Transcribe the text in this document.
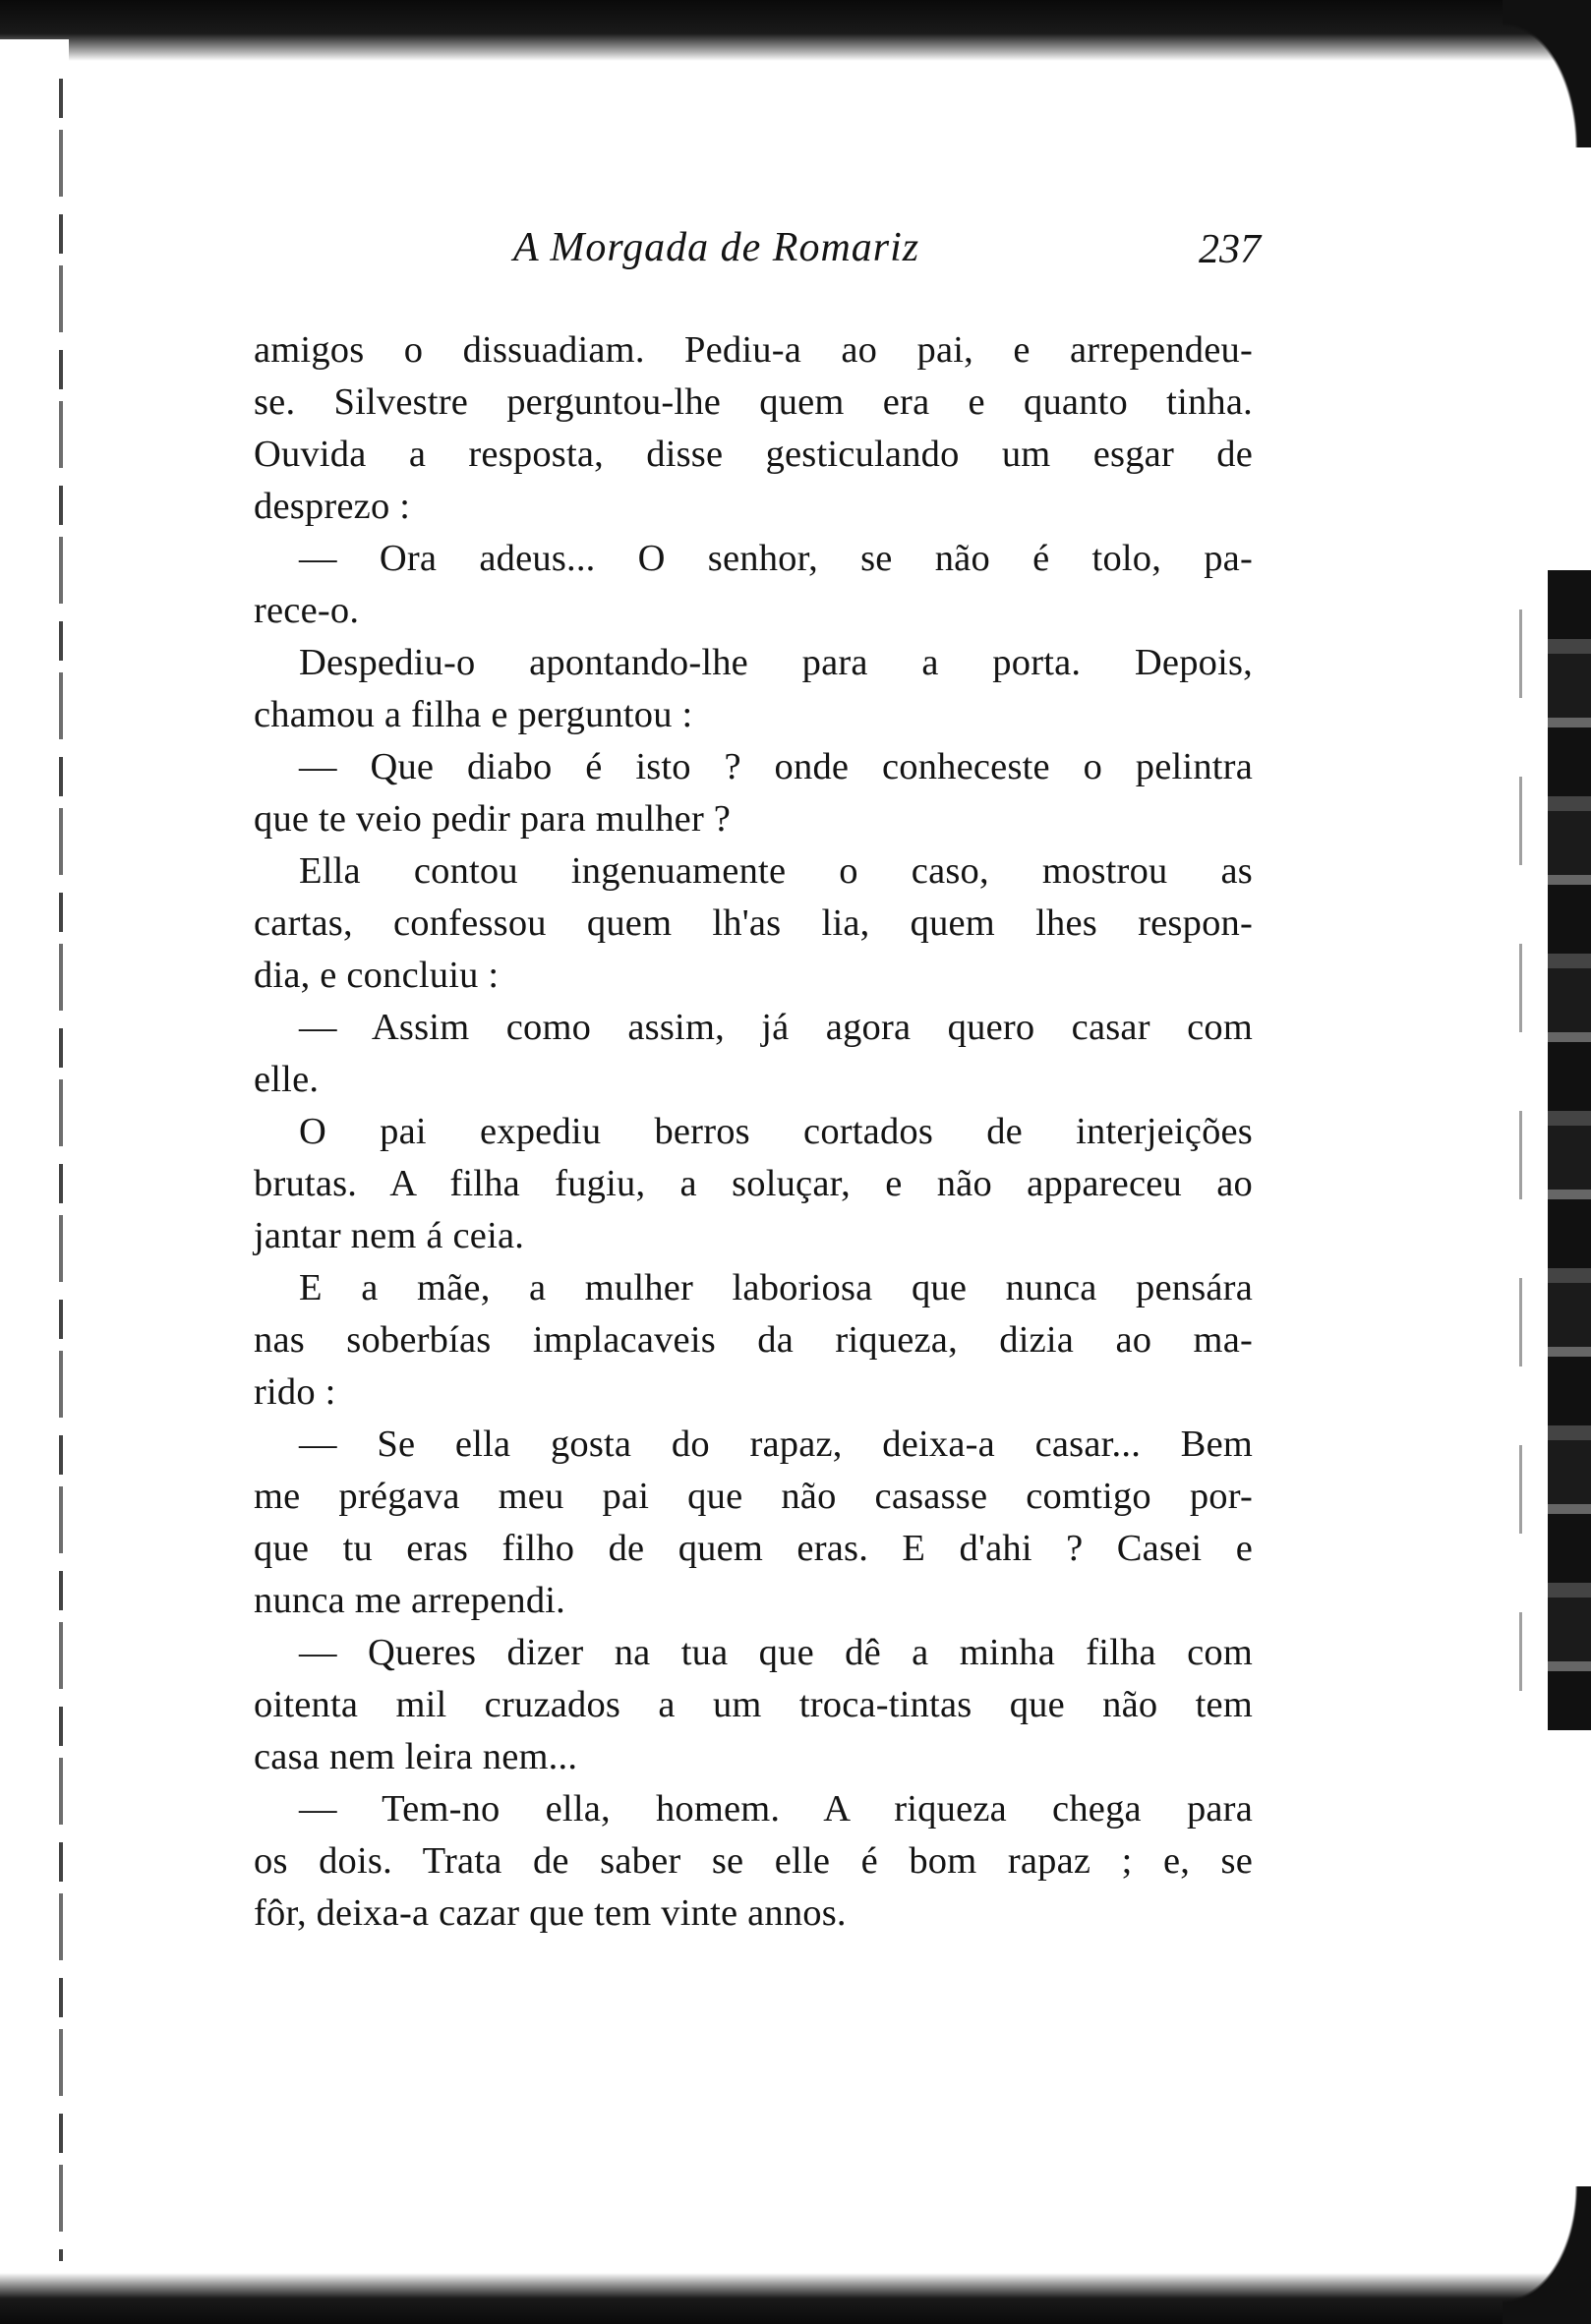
A Morgada de Romariz	237
amigos o dissuadiam. Pediu-a ao pai, e arrependeu-
se. Silvestre perguntou-lhe quem era e quanto tinha.
Ouvida a resposta, disse gesticulando um esgar de
desprezo :
— Ora adeus... O senhor, se não é tolo, pa-
rece-o.
Despediu-o apontando-lhe para a porta. Depois,
chamou a filha e perguntou :
— Que diabo é isto ? onde conheceste o pelintra
que te veio pedir para mulher ?
Ella contou ingenuamente o caso, mostrou as
cartas, confessou quem lh'as lia, quem lhes respon-
dia, e concluiu :
— Assim como assim, já agora quero casar com
elle.
O pai expediu berros cortados de interjeições
brutas. A filha fugiu, a soluçar, e não appareceu ao
jantar nem á ceia.
E a mãe, a mulher laboriosa que nunca pensára
nas soberbías implacaveis da riqueza, dizia ao ma-
rido :
— Se ella gosta do rapaz, deixa-a casar... Bem
me prégava meu pai que não casasse comtigo por-
que tu eras filho de quem eras. E d'ahi ? Casei e
nunca me arrependi.
— Queres dizer na tua que dê a minha filha com
oitenta mil cruzados a um troca-tintas que não tem
casa nem leira nem...
— Tem-no ella, homem. A riqueza chega para
os dois. Trata de saber se elle é bom rapaz ; e, se
fôr, deixa-a cazar que tem vinte annos.
